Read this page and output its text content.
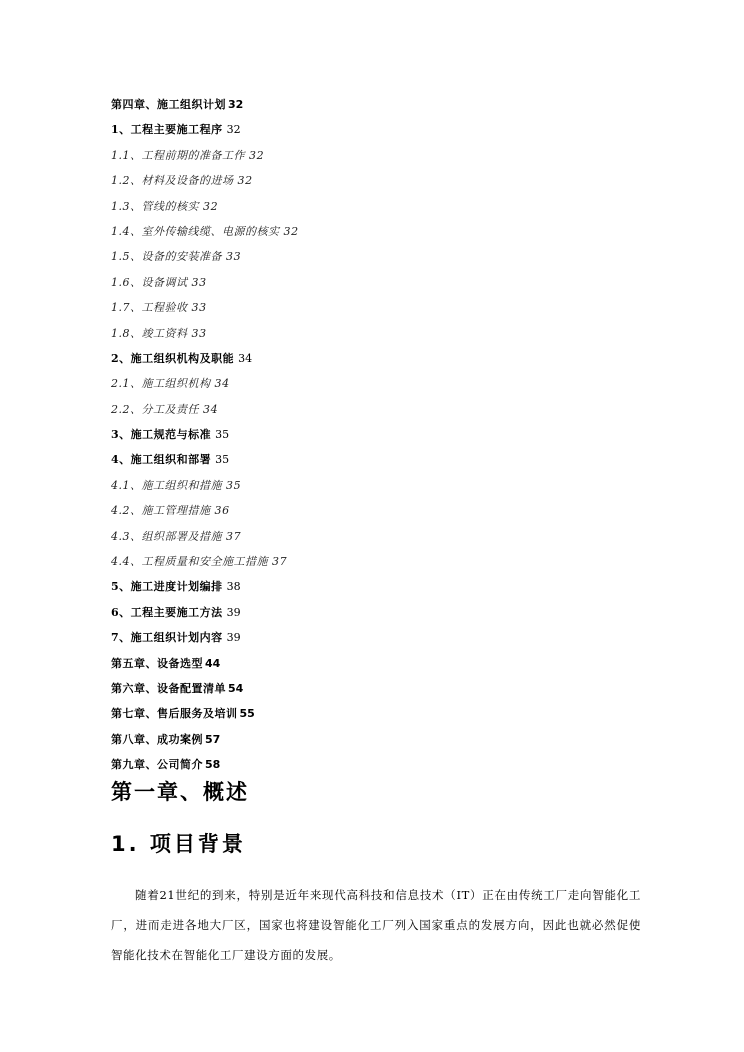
第四章、施工组织计划 32
1、工程主要施工程序 32
1.1、工程前期的准备工作 32
1.2、材料及设备的进场 32
1.3、管线的核实 32
1.4、室外传输线缆、电源的核实 32
1.5、设备的安装准备 33
1.6、设备调试 33
1.7、工程验收 33
1.8、竣工资料 33
2、施工组织机构及职能 34
2.1、施工组织机构 34
2.2、分工及责任 34
3、施工规范与标准 35
4、施工组织和部署 35
4.1、施工组织和措施 35
4.2、施工管理措施 36
4.3、组织部署及措施 37
4.4、工程质量和安全施工措施 37
5、施工进度计划编排 38
6、工程主要施工方法 39
7、施工组织计划内容 39
第五章、设备选型 44
第六章、设备配置清单 54
第七章、售后服务及培训 55
第八章、成功案例 57
第九章、公司简介 58
第一章、概述
1. 项目背景
随着21世纪的到来，特别是近年来现代高科技和信息技术（IT）正在由传统工厂走向智能化工厂，进而走进各地大厂区，国家也将建设智能化工厂列入国家重点的发展方向，因此也就必然促使智能化技术在智能化工厂建设方面的发展。
